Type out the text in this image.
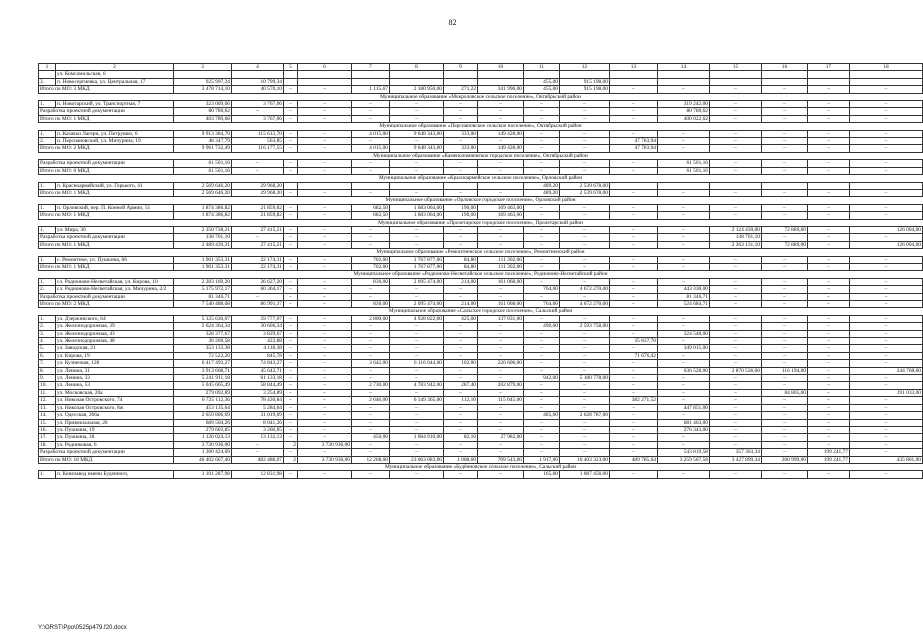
82
1	2	3	4	5	6	7	8	9	10	11	12	13	14	15	16	17	18
	ул. Комсомольская, 6																
3.	п. Новосергиевка, ул. Центральная, 17	925 997,34	10 799,34							455,00	915 198,00						
Итого по МО: 3 МКД		3 478 714,10	40 570,10	–	–	1 115,67	2 180 950,00	271,22	341 996,00	455,00	915 198,00	–	–	–	–	–	–
Муниципальное образование «Мокроловское сельское поселение», Октябрьский район																	
1.	п. Новотарский, ул. Транспортная, 7	323 009,06	3 767,06	–	–	–	–	–	–	–	–	–	319 242,00	–	–	–	–
Разработка проектной документации		80 780,62	–	–	–	–	–	–	–	–	–	–	80 780,62	–	–	–	–
Итого по МО: 1 МКД		403 789,68	3 767,06	–	–	–	–	–	–	–	–	–	400 022,62	–	–	–	–
Муниципальное образование «Персиановское сельское поселение», Октябрьский район																	
1.	п. Казачьи Лагери, ул. Петрушко, 6	9 913 384,70	115 613,70	–	–	4 015,00	9 648 343,00	333,00	149 428,00	–	–	–	–	–	–	–	–
2.	п. Персиановский, ул. Мичурина, 19	48 347,79	563,85	–	–	–	–	–	–	–	–	47 783,94	–	–	–	–	–
Итого по МО: 2 МКД		9 961 732,49	116 177,55	–	–	4 015,00	9 648 343,00	333,00	149 428,00	–	–	47 783,94	–	–	–	–	–
Муниципальное образование «Каменоломненское городское поселение», Октябрьский район																	
Разработка проектной документации		61 501,16	–	–	–	–	–	–	–	–	–	–	61 501,16	–	–	–	–
Итого по МО: 0 МКД		61 501,16	–	–	–	–	–	–	–	–	–	–	61 501,16	–	–	–	–
Муниципальное образование «Красноармейское сельское поселение», Орловский район																	
1.	п. Красноармейский, ул. Горького, 41	2 569 646,20	29 968,20							489,20	2 539 678,00						
Итого по МО: 1 МКД		2 569 646,20	29 968,20	–	–	–	–	–	–	489,20	2 539 678,00	–	–	–	–	–	–
Муниципальное образование «Орловское городское поселение», Орловский район																	
1.	п. Орловский, пер. П. Конной Армии, 51	1 874 386,82	21 859,82	–	–	682,50	1 683 064,00	190,00	169 463,00	–	–	–	–	–	–	–	–
Итого по МО: 1 МКД		1 874 386,82	21 859,82	–	–	682,50	1 683 064,00	190,00	169 463,00	–	–	–	–	–	–	–	–
Муниципальное образование «Пролетарское городское поселение», Пролетарский район																	
1.	ул. Мира, 30	2 350 738,21	27 415,21	–	–	–	–	–	–	–	–	–	–	2 124 430,00	72 889,00	–	126 004,00
Разработка проектной документации		138 701,10	–	–	–	–	–	–	–	–	–	–	–	138 701,10	–	–	–
Итого по МО: 1 МКД		2 489 439,31	27 415,21	–	–	–	–	–	–	–	–	–	–	2 263 131,10	72 889,00	–	126 004,00
Муниципальное образование «Ремонтненское сельское поселение», Ремонтненский район																	
1.	с. Ремонтное, ул. Пушкина, 66	1 901 353,31	22 174,31	–	–	702,00	1 767 877,00	84,80	111 302,00	–	–	–	–	–	–	–	–
Итого по МО: 1 МКД		1 901 353,31	22 174,31	–	–	702,00	1 767 877,00	84,80	111 302,00	–	–	–	–	–	–	–	–
Муниципальное образование «Родионово-Несветайское сельское поселение», Родионово-Несветайский район																	
1.	сл. Родионово-Несветайская, ул. Кирова, 10	2 283 169,20	26 627,20	–	–	830,00	2 095 474,00	214,00	161 068,00	–	–	–	–	–	–	–	–
2.	сл. Родионово-Несветайская, ул. Мичурина, 2/2	5 175 972,17	60 364,17	–	–	–	–	–	–	764,00	4 672 270,00	–	443 338,00	–	–	–	–
Разработка проектной документации		81 346,71	–	–	–	–	–	–	–	–	–	–	81 346,71	–	–	–	–
Итого по МО: 2 МКД		7 540 488,08	86 991,37	–	–	830,00	2 095 474,00	214,00	161 068,00	764,00	4 672 270,00	–	524 684,71	–	–	–	–
Муниципальное образование «Сальское городское поселение», Сальский район																	
1.	ул. Дзержинского, 64	5 125 630,07	59 777,07	–	–	2 800,00	4 928 822,00	425,00	137 031,00	–	–	–	–	–	–	–	–
2.	ул. Железнодорожная, 39	2 624 364,34	30 606,34	–	–	–	–	–	–	490,00	2 593 758,00	–	–	–	–	–	–
3.	ул. Железнодорожная, 43	328 377,67	3 829,67	–	–	–	–	–	–	–	–	–	324 548,00	–	–	–	–
4.	ул. Железнодорожная, 48	36 260,58	422,88	–	–	–	–	–	–	–	–	35 837,70	–	–	–	–	–
5.	ул. Заводская, 21	353 133,38	4 118,38	–	–	–	–	–	–	–	–	–	349 015,00	–	–	–	–
6.	ул. Кирова, 19	72 522,20	845,78	–	–	–	–	–	–	–	–	71 676,42	–	–	–	–	–
7.	ул. Кузнечная, 128	6 417 493,27	74 843,27	–	–	3 642,00	6 116 044,00	102,00	226 606,00	–	–	–	–	–	–	–	–
8.	ул. Ленина, 31	3 913 668,71	45 642,71	–	–	–	–	–	–	–	–	–	636 528,00	2 870 536,00	116 194,00	–	244 768,00
9.	ул. Ленина, 33	5 241 911,18	61 133,18	–	–	–	–	–	–	942,00	5 180 778,00	–	–	–	–	–	–
10.	ул. Ленина, 53	5 045 665,49	58 844,49	–	–	2 730,00	4 783 942,00	287,40	202 879,00	–	–	–	–	–	–	–	–
11.	ул. Московская, 20а	279 092,89	3 254,89	–	–	–	–	–	–	–	–	–	–	–	84 805,00	–	191 033,00
12.	ул. Николая Островского, 74	6 725 112,36	78 430,84	–	–	2 646,00	6 149 365,00	112,10	115 045,00	–	–	382 271,52	–	–	–	–	–
13.	ул. Николая Островского, 8ж	453 135,64	5 284,64	–	–	–	–	–	–	–	–	–	447 851,00	–	–	–	–
14.	ул. Одесская, 266а	2 659 806,69	31 019,69	–	–	–	–	–	–	485,00	2 628 787,00	–	–	–	–	–	–
15.	ул. Привокзальная, 26	689 504,26	8 041,26	–	–	–	–	–	–	–	–	–	681 463,00	–	–	–	–
16.	ул. Пушкина, 19	279 603,85	3 260,85	–	–	–	–	–	–	–	–	–	276 343,00	–	–	–	–
17.	ул. Пушкина, 28	1 126 024,13	13 132,13	–	–	450,00	1 084 910,00	82,10	27 982,00	–	–	–	–	–	–	–	–
18.	ул. Родниковая, 6	3 730 936,00	–	2	3 730 936,00	–	–	–	–	–	–	–	–	–	–	–	–
Разработка проектной документации		1 300 424,69	–	–	–	–	–	–	–	–	–	–	543 819,58	357 363,34	–	199 241,77	–
Итого по МО: 18 МКД		46 402 667,40	482 488,07	2	3 730 936,00	12 268,00	23 063 083,00	1 008,60	709 543,00	1 917,00	10 403 323,00	489 785,64	3 259 567,58	3 427 899,34	200 999,00	199 241,77	435 801,00
Муниципальное образование «Будённовское сельское поселение», Сальский район																	
1.	п. Конезавод имени Буденного,	1 101 287,98	12 831,98	–	–	–	–	–	–	165,00	1 087 456,00	–	–	–	–	–	–
Y:\ORST\Ppo\0525p479.f20.docx
